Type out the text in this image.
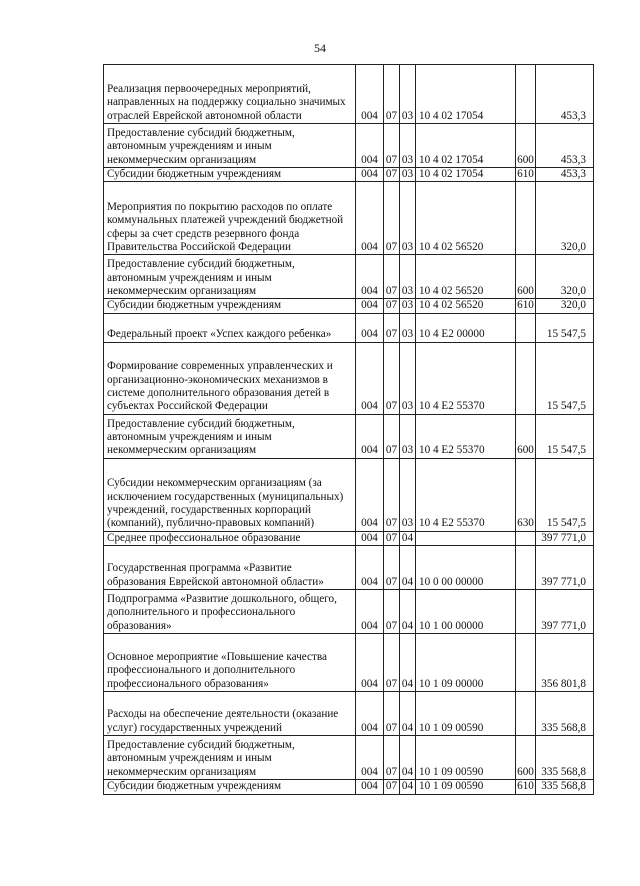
54
Реализация первоочередных мероприятий, направленных на поддержку социально значимых отраслей Еврейской автономной области	004	07	03	10 4 02 17054		453,3
Предоставление субсидий бюджетным, автономным учреждениям и иным некоммерческим организациям	004	07	03	10 4 02 17054	600	453,3
Субсидии бюджетным учреждениям	004	07	03	10 4 02 17054	610	453,3
Мероприятия по покрытию расходов по оплате коммунальных платежей учреждений бюджетной сферы за счет средств резервного фонда Правительства Российской Федерации	004	07	03	10 4 02 56520		320,0
Предоставление субсидий бюджетным, автономным учреждениям и иным некоммерческим организациям	004	07	03	10 4 02 56520	600	320,0
Субсидии бюджетным учреждениям	004	07	03	10 4 02 56520	610	320,0
Федеральный проект «Успех каждого ребенка»	004	07	03	10 4 E2 00000		15 547,5
Формирование современных управленческих и организационно-экономических механизмов в системе дополнительного образования детей в субъектах Российской Федерации	004	07	03	10 4 E2 55370		15 547,5
Предоставление субсидий бюджетным, автономным учреждениям и иным некоммерческим организациям	004	07	03	10 4 E2 55370	600	15 547,5
Субсидии некоммерческим организациям (за исключением государственных (муниципальных) учреждений, государственных корпораций (компаний), публично-правовых компаний)	004	07	03	10 4 E2 55370	630	15 547,5
Среднее профессиональное образование	004	07	04			397 771,0
Государственная программа «Развитие образования Еврейской автономной области»	004	07	04	10 0 00 00000		397 771,0
Подпрограмма «Развитие дошкольного, общего, дополнительного и профессионального образования»	004	07	04	10 1 00 00000		397 771,0
Основное мероприятие «Повышение качества профессионального и дополнительного профессионального образования»	004	07	04	10 1 09 00000		356 801,8
Расходы на обеспечение деятельности (оказание услуг) государственных учреждений	004	07	04	10 1 09 00590		335 568,8
Предоставление субсидий бюджетным, автономным учреждениям и иным некоммерческим организациям	004	07	04	10 1 09 00590	600	335 568,8
Субсидии бюджетным учреждениям	004	07	04	10 1 09 00590	610	335 568,8
